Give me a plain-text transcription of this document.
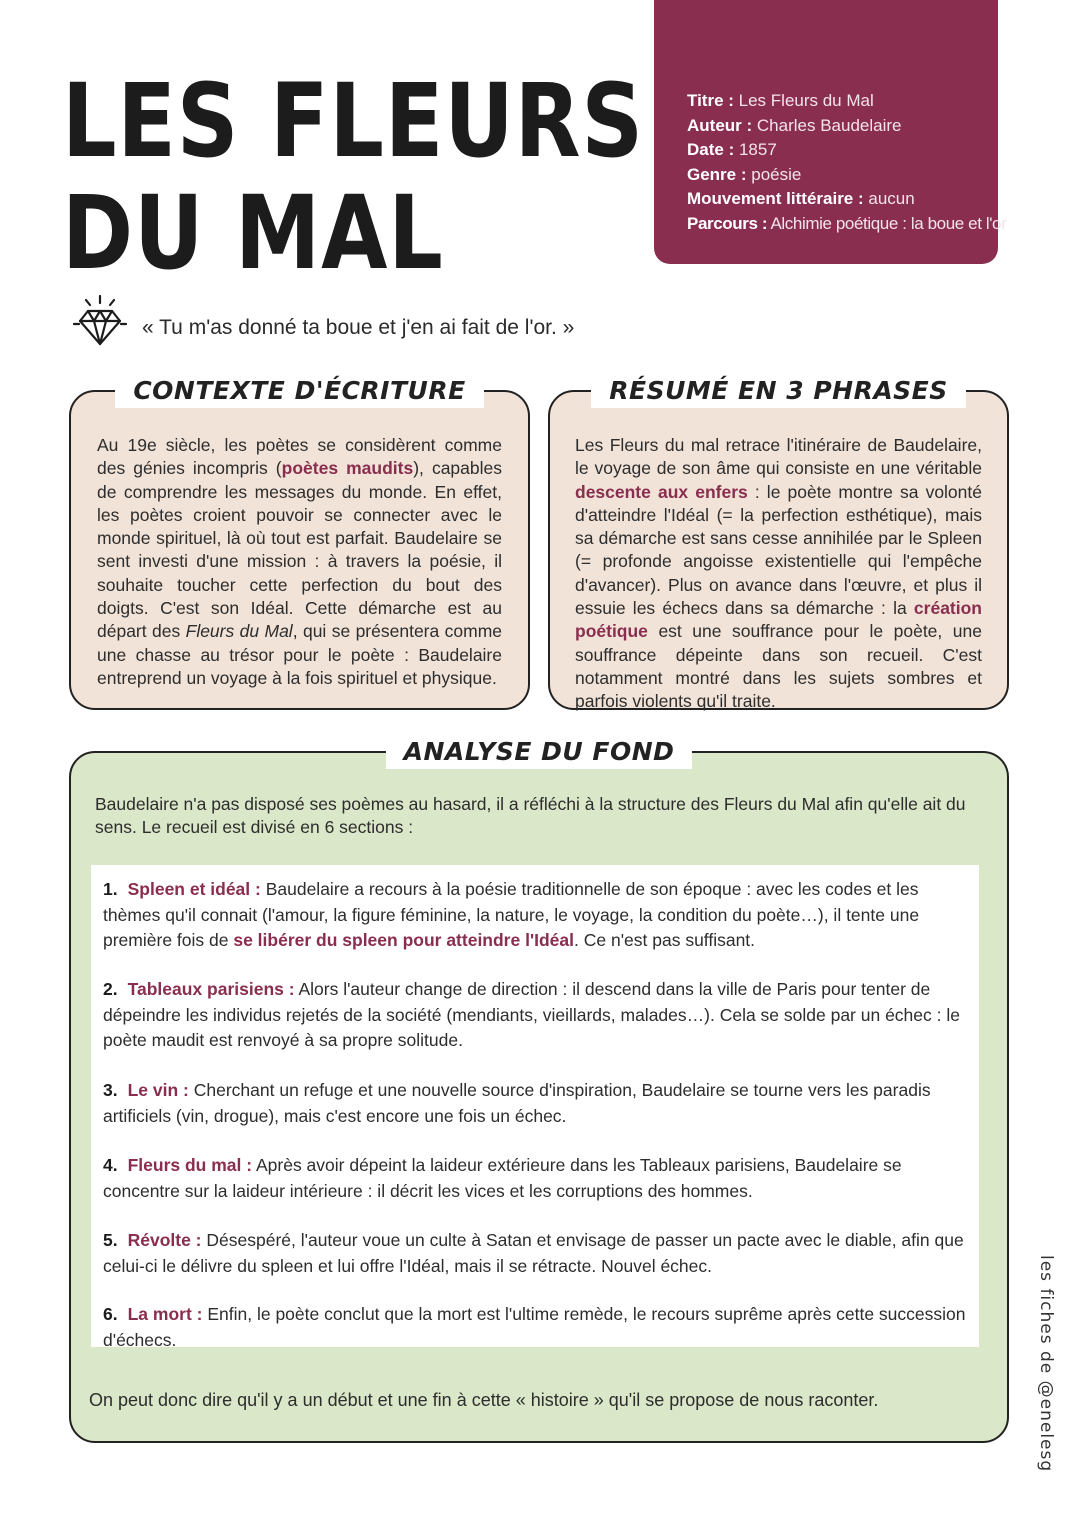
LES FLEURS
DU MAL
Titre : Les Fleurs du Mal
Auteur : Charles Baudelaire
Date : 1857
Genre : poésie
Mouvement littéraire : aucun
Parcours : Alchimie poétique : la boue et l'or
« Tu m'as donné ta boue et j'en ai fait de l'or. »
CONTEXTE D'ÉCRITURE

Au 19e siècle, les poètes se considèrent comme des génies incompris (poètes maudits), capables de comprendre les messages du monde. En effet, les poètes croient pouvoir se connecter avec le monde spirituel, là où tout est parfait. Baudelaire se sent investi d'une mission : à travers la poésie, il souhaite toucher cette perfection du bout des doigts. C'est son Idéal. Cette démarche est au départ des Fleurs du Mal, qui se présentera comme une chasse au trésor pour le poète : Baudelaire entreprend un voyage à la fois spirituel et physique.

RÉSUMÉ EN 3 PHRASES

Les Fleurs du mal retrace l'itinéraire de Baudelaire, le voyage de son âme qui consiste en une véritable descente aux enfers : le poète montre sa volonté d'atteindre l'Idéal (= la perfection esthétique), mais sa démarche est sans cesse annihilée par le Spleen (= profonde angoisse existentielle qui l'empêche d'avancer). Plus on avance dans l'œuvre, et plus il essuie les échecs dans sa démarche : la création poétique est une souffrance pour le poète, une souffrance dépeinte dans son recueil. C'est notamment montré dans les sujets sombres et parfois violents qu'il traite.

ANALYSE DU FOND

Baudelaire n'a pas disposé ses poèmes au hasard, il a réfléchi à la structure des Fleurs du Mal afin qu'elle ait du sens. Le recueil est divisé en 6 sections :

1. Spleen et idéal : Baudelaire a recours à la poésie traditionnelle de son époque : avec les codes et les thèmes qu'il connait (l'amour, la figure féminine, la nature, le voyage, la condition du poète…), il tente une première fois de se libérer du spleen pour atteindre l'Idéal. Ce n'est pas suffisant.
2. Tableaux parisiens : Alors l'auteur change de direction : il descend dans la ville de Paris pour tenter de dépeindre les individus rejetés de la société (mendiants, vieillards, malades…). Cela se solde par un échec : le poète maudit est renvoyé à sa propre solitude.
3. Le vin : Cherchant un refuge et une nouvelle source d'inspiration, Baudelaire se tourne vers les paradis artificiels (vin, drogue), mais c'est encore une fois un échec.
4. Fleurs du mal : Après avoir dépeint la laideur extérieure dans les Tableaux parisiens, Baudelaire se concentre sur la laideur intérieure : il décrit les vices et les corruptions des hommes.
5. Révolte : Désespéré, l'auteur voue un culte à Satan et envisage de passer un pacte avec le diable, afin que celui-ci le délivre du spleen et lui offre l'Idéal, mais il se rétracte. Nouvel échec.
6. La mort : Enfin, le poète conclut que la mort est l'ultime remède, le recours suprême après cette succession d'échecs.

On peut donc dire qu'il y a un début et une fin à cette « histoire » qu'il se propose de nous raconter.	les fiches de @enelesg
